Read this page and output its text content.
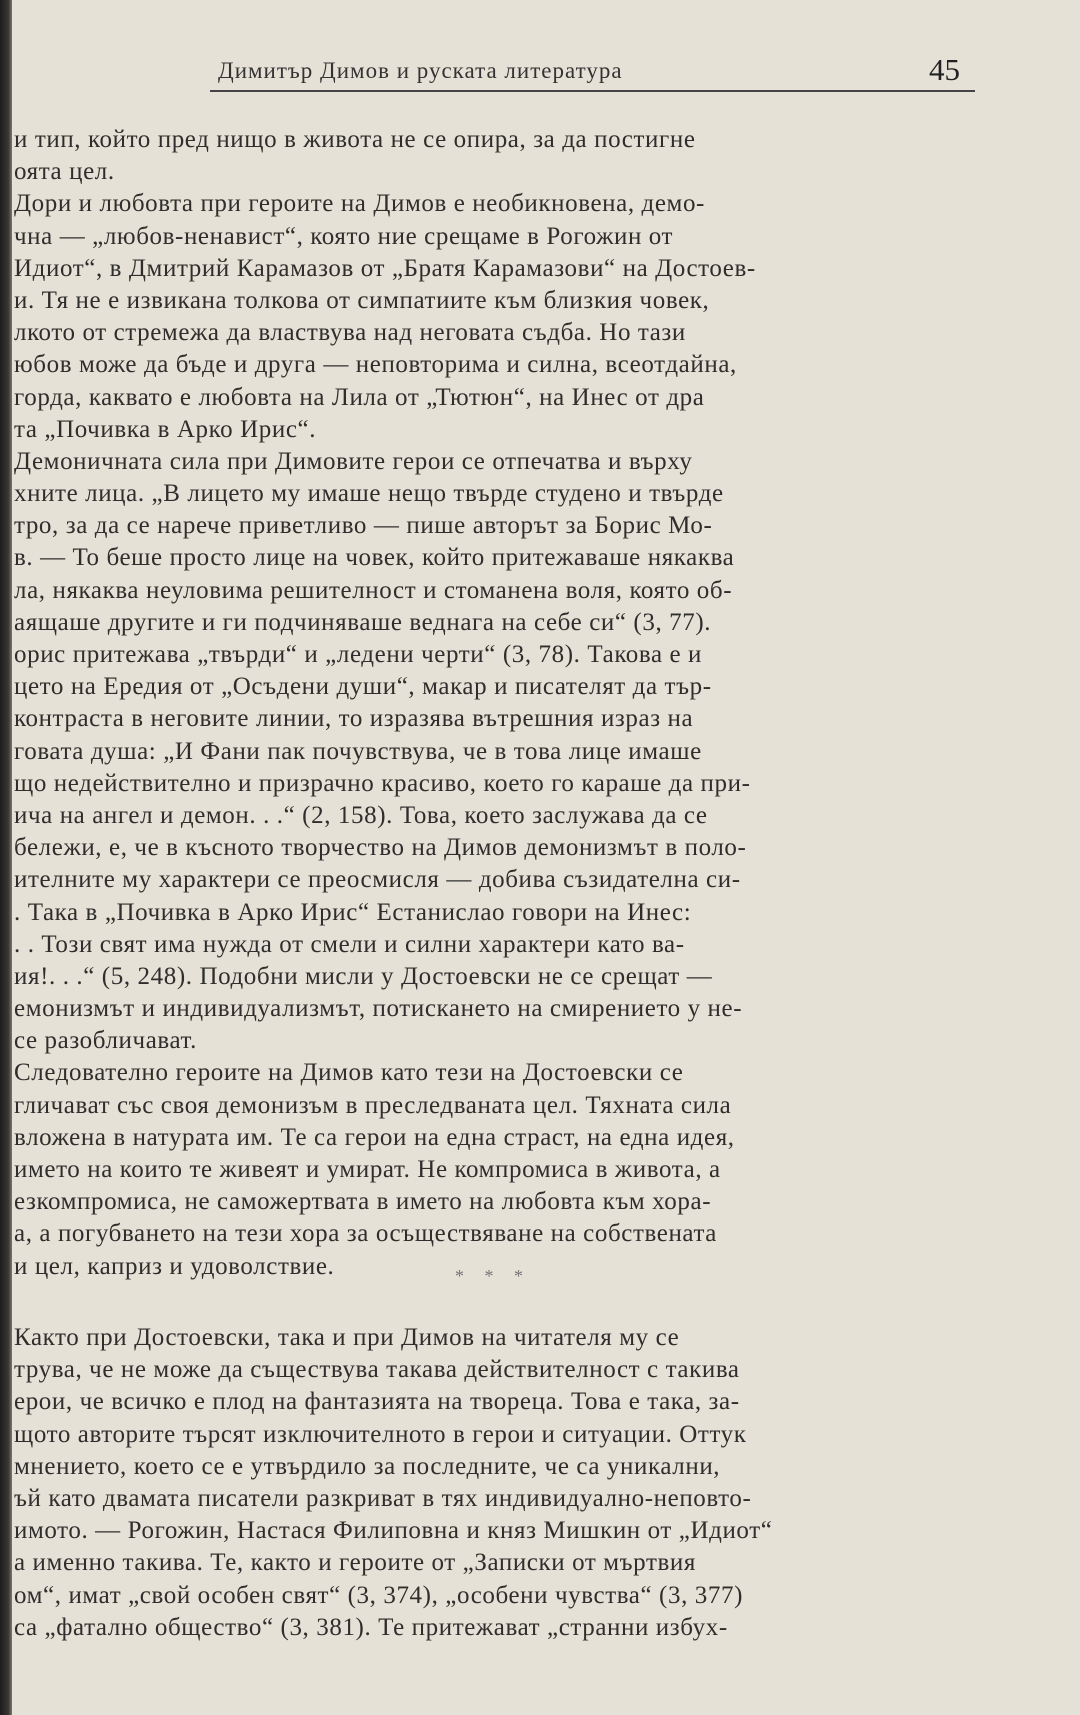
Димитър Димов и руската литература	45
и тип, който пред нищо в живота не се опира, за да постигне
оята цел.
Дори и любовта при героите на Димов е необикновена, демо-
чна — „любов-ненавист“, която ние срещаме в Рогожин от
Идиот“, в Дмитрий Карамазов от „Братя Карамазови“ на Достоев-
и. Тя не е извикана толкова от симпатиите към близкия човек,
лкото от стремежа да властвува над неговата съдба. Но тази
юбов може да бъде и друга — неповторима и силна, всеотдайна,
горда, каквато е любовта на Лила от „Тютюн“, на Инес от дра
та „Почивка в Арко Ирис“.
Демоничната сила при Димовите герои се отпечатва и върху
хните лица. „В лицето му имаше нещо твърде студено и твърде
тро, за да се нарече приветливо — пише авторът за Борис Мо-
в. — То беше просто лице на човек, който притежаваше някаква
ла, някаква неуловима решителност и стоманена воля, която об-
аящаше другите и ги подчиняваше веднага на себе си“ (3, 77).
орис притежава „твърди“ и „ледени черти“ (3, 78). Такова е и
цето на Ередия от „Осъдени души“, макар и писателят да тър-
контраста в неговите линии, то изразява вътрешния израз на
говата душа: „И Фани пак почувствува, че в това лице имаше
що недействително и призрачно красиво, което го караше да при-
ича на ангел и демон. . .“ (2, 158). Това, което заслужава да се
бележи, е, че в късното творчество на Димов демонизмът в поло-
ителните му характери се преосмисля — добива съзидателна си-
. Така в „Почивка в Арко Ирис“ Естанислао говори на Инес:
. . Този свят има нужда от смели и силни характери като ва-
ия!. . .“ (5, 248). Подобни мисли у Достоевски не се срещат —
емонизмът и индивидуализмът, потискането на смирението у не-
се разобличават.
Следователно героите на Димов като тези на Достоевски се
гличават със своя демонизъм в преследваната цел. Тяхната сила
вложена в натурата им. Те са герои на една страст, на една идея,
името на които те живеят и умират. Не компромиса в живота, а
езкомпромиса, не саможертвата в името на любовта към хора-
а, а погубването на тези хора за осъществяване на собствената
и цел, каприз и удоволствие.	* * *
Както при Достоевски, така и при Димов на читателя му се
трува, че не може да съществува такава действителност с такива
ерои, че всичко е плод на фантазията на твореца. Това е така, за-
щото авторите търсят изключителното в герои и ситуации. Оттук
мнението, което се е утвърдило за последните, че са уникални,
ъй като двамата писатели разкриват в тях индивидуално-неповто-
имото. — Рогожин, Настася Филиповна и княз Мишкин от „Идиот“
а именно такива. Те, както и героите от „Записки от мъртвия
ом“, имат „свой особен свят“ (3, 374), „особени чувства“ (3, 377)
са „фатално общество“ (3, 381). Те притежават „странни избух-
